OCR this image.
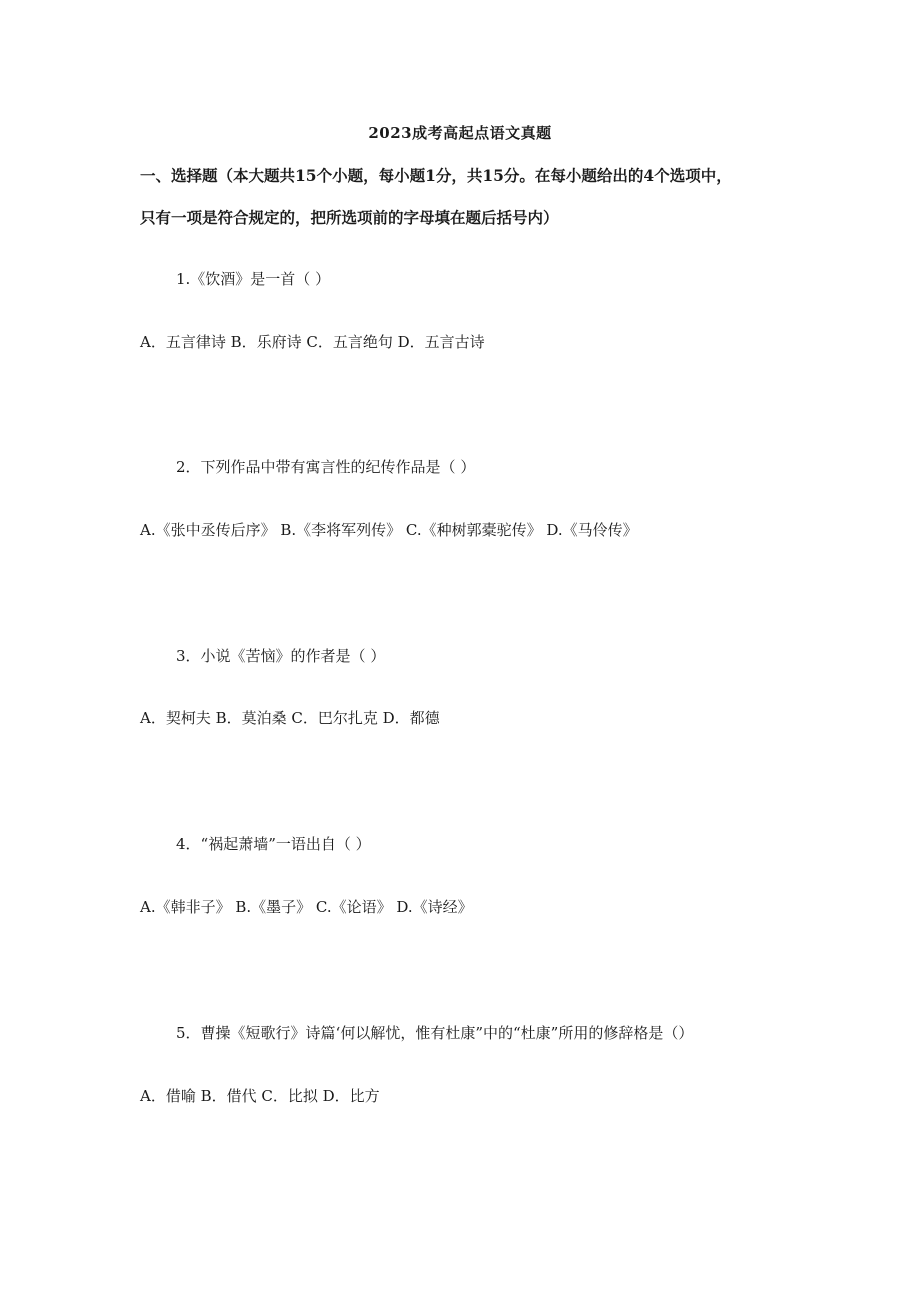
2023成考高起点语文真题
一、选择题（本大题共15个小题，每小题1分，共15分。在每小题给出的4个选项中，
只有一项是符合规定的，把所选项前的字母填在题后括号内）
1.《饮酒》是一首（ ）
A．五言律诗 B．乐府诗 C．五言绝句 D．五言古诗
2．下列作品中带有寓言性的纪传作品是（ ）
A.《张中丞传后序》 B.《李将军列传》 C.《种树郭橐驼传》 D.《马伶传》
3．小说《苦恼》的作者是（ ）
A．契柯夫 B．莫泊桑 C．巴尔扎克 D．都德
4．“祸起萧墙”一语出自（ ）
A.《韩非子》 B.《墨子》 C.《论语》 D.《诗经》
5．曹操《短歌行》诗篇‘何以解忧，惟有杜康”中的“杜康”所用的修辞格是（）
A．借喻 B．借代 C．比拟 D．比方
